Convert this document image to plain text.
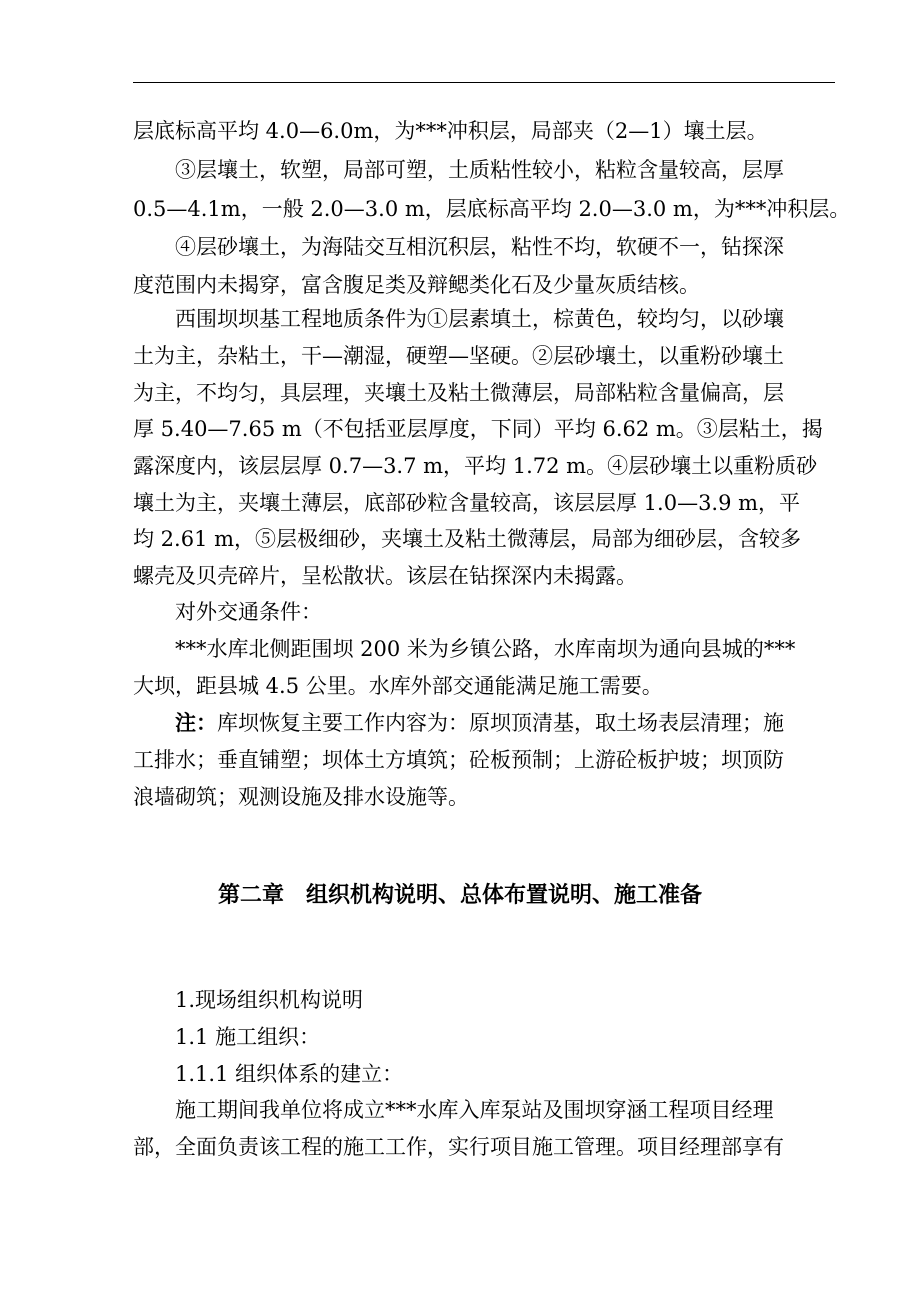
层底标高平均 4.0—6.0m，为***冲积层，局部夹（2—1）壤土层。
③层壤土，软塑，局部可塑，土质粘性较小，粘粒含量较高，层厚
0.5—4.1m，一般 2.0—3.0 m，层底标高平均 2.0—3.0 m，为***冲积层。
④层砂壤土，为海陆交互相沉积层，粘性不均，软硬不一，钻探深
度范围内未揭穿，富含腹足类及辩鳃类化石及少量灰质结核。
西围坝坝基工程地质条件为①层素填土，棕黄色，较均匀，以砂壤
土为主，杂粘土，干—潮湿，硬塑—坚硬。②层砂壤土，以重粉砂壤土
为主，不均匀，具层理，夹壤土及粘土微薄层，局部粘粒含量偏高，层
厚 5.40—7.65 m（不包括亚层厚度，下同）平均 6.62 m。③层粘土，揭
露深度内，该层层厚 0.7—3.7 m，平均 1.72 m。④层砂壤土以重粉质砂
壤土为主，夹壤土薄层，底部砂粒含量较高，该层层厚 1.0—3.9 m，平
均 2.61 m，⑤层极细砂，夹壤土及粘土微薄层，局部为细砂层，含较多
螺壳及贝壳碎片，呈松散状。该层在钻探深内未揭露。
对外交通条件：
***水库北侧距围坝 200 米为乡镇公路，水库南坝为通向县城的***
大坝，距县城 4.5 公里。水库外部交通能满足施工需要。
注：库坝恢复主要工作内容为：原坝顶清基，取土场表层清理；施
工排水；垂直铺塑；坝体土方填筑；砼板预制；上游砼板护坡；坝顶防
浪墙砌筑；观测设施及排水设施等。
第二章 组织机构说明、总体布置说明、施工准备
1.现场组织机构说明
1.1 施工组织：
1.1.1 组织体系的建立：
施工期间我单位将成立***水库入库泵站及围坝穿涵工程项目经理
部，全面负责该工程的施工工作，实行项目施工管理。项目经理部享有
